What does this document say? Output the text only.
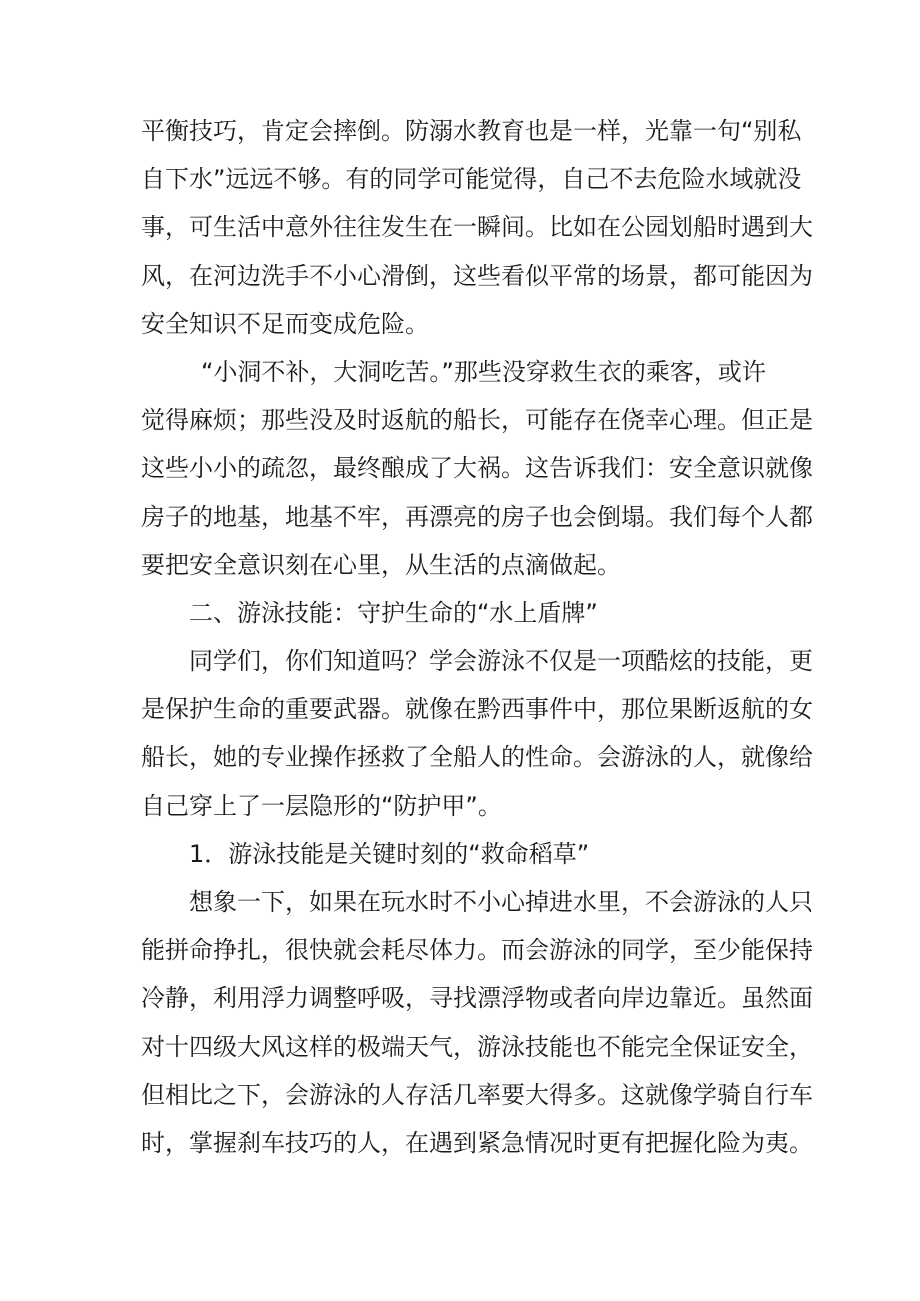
平衡技巧，肯定会摔倒。防溺水教育也是一样，光靠一句“别私
自下水”远远不够。有的同学可能觉得，自己不去危险水域就没
事，可生活中意外往往发生在一瞬间。比如在公园划船时遇到大
风，在河边洗手不小心滑倒，这些看似平常的场景，都可能因为
安全知识不足而变成危险。
“小洞不补，大洞吃苦。”那些没穿救生衣的乘客，或许
觉得麻烦；那些没及时返航的船长，可能存在侥幸心理。但正是
这些小小的疏忽，最终酿成了大祸。这告诉我们：安全意识就像
房子的地基，地基不牢，再漂亮的房子也会倒塌。我们每个人都
要把安全意识刻在心里，从生活的点滴做起。
二、游泳技能：守护生命的“水上盾牌”
同学们，你们知道吗？学会游泳不仅是一项酷炫的技能，更
是保护生命的重要武器。就像在黔西事件中，那位果断返航的女
船长，她的专业操作拯救了全船人的性命。会游泳的人，就像给
自己穿上了一层隐形的“防护甲”。
1．游泳技能是关键时刻的“救命稻草”
想象一下，如果在玩水时不小心掉进水里，不会游泳的人只
能拼命挣扎，很快就会耗尽体力。而会游泳的同学，至少能保持
冷静，利用浮力调整呼吸，寻找漂浮物或者向岸边靠近。虽然面
对十四级大风这样的极端天气，游泳技能也不能完全保证安全，
但相比之下，会游泳的人存活几率要大得多。这就像学骑自行车
时，掌握刹车技巧的人，在遇到紧急情况时更有把握化险为夷。
